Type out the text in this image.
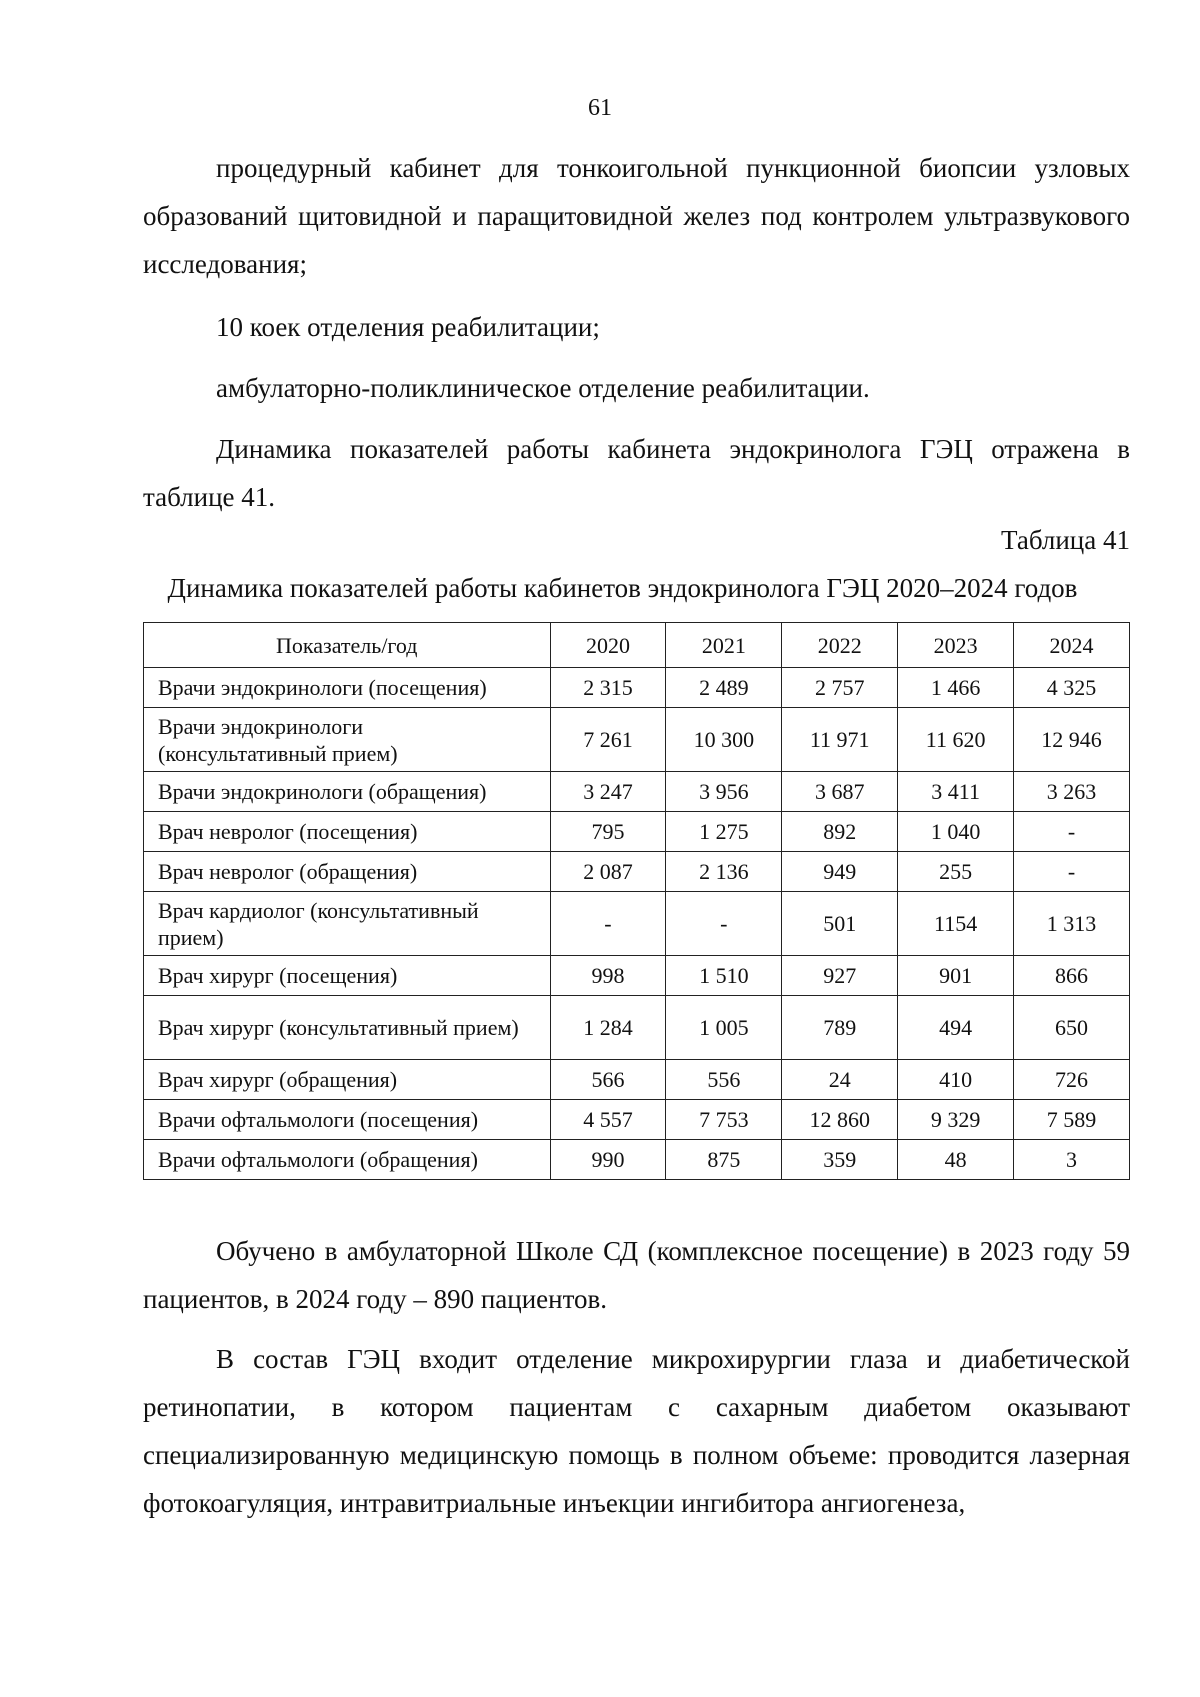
61

процедурный кабинет для тонкоигольной пункционной биопсии узловых образований щитовидной и паращитовидной желез под контролем ультразвукового исследования;

10 коек отделения реабилитации;

амбулаторно-поликлиническое отделение реабилитации.

Динамика показателей работы кабинета эндокринолога ГЭЦ отражена в таблице 41.

Таблица 41
Динамика показателей работы кабинетов эндокринолога ГЭЦ 2020–2024 годов
Показатель/год	2020	2021	2022	2023	2024
Врачи эндокринологи (посещения)	2 315	2 489	2 757	1 466	4 325
Врачи эндокринологи (консультативный прием)	7 261	10 300	11 971	11 620	12 946
Врачи эндокринологи (обращения)	3 247	3 956	3 687	3 411	3 263
Врач невролог (посещения)	795	1 275	892	1 040	-
Врач невролог (обращения)	2 087	2 136	949	255	-
Врач кардиолог (консультативный прием)	-	-	501	1154	1 313
Врач хирург (посещения)	998	1 510	927	901	866
Врач хирург (консультативный прием)	1 284	1 005	789	494	650
Врач хирург (обращения)	566	556	24	410	726
Врачи офтальмологи (посещения)	4 557	7 753	12 860	9 329	7 589
Врачи офтальмологи (обращения)	990	875	359	48	3

Обучено в амбулаторной Школе СД (комплексное посещение) в 2023 году 59 пациентов, в 2024 году – 890 пациентов.

В состав ГЭЦ входит отделение микрохирургии глаза и диабетической ретинопатии, в котором пациентам с сахарным диабетом оказывают специализированную медицинскую помощь в полном объеме: проводится лазерная фотокоагуляция, интравитриальные инъекции ингибитора ангиогенеза,
